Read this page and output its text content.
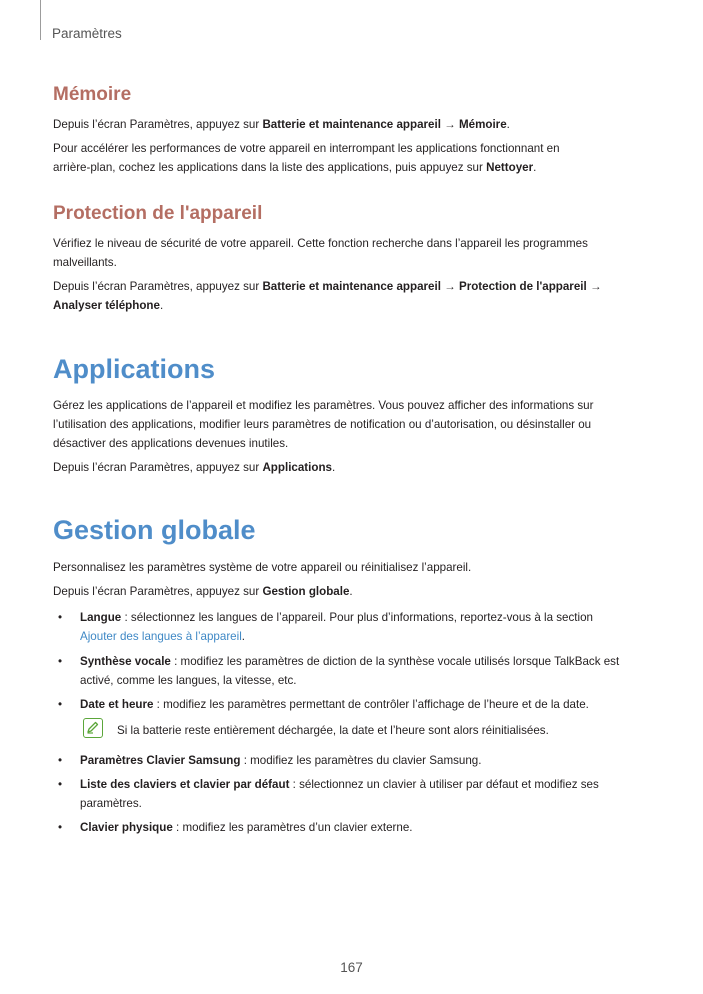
Paramètres
Mémoire
Depuis l’écran Paramètres, appuyez sur Batterie et maintenance appareil → Mémoire.
Pour accélérer les performances de votre appareil en interrompant les applications fonctionnant en
arrière-plan, cochez les applications dans la liste des applications, puis appuyez sur Nettoyer.
Protection de l'appareil
Vérifiez le niveau de sécurité de votre appareil. Cette fonction recherche dans l’appareil les programmes
malveillants.
Depuis l’écran Paramètres, appuyez sur Batterie et maintenance appareil → Protection de l'appareil →
Analyser téléphone.
Applications
Gérez les applications de l’appareil et modifiez les paramètres. Vous pouvez afficher des informations sur
l’utilisation des applications, modifier leurs paramètres de notification ou d’autorisation, ou désinstaller ou
désactiver des applications devenues inutiles.
Depuis l’écran Paramètres, appuyez sur Applications.
Gestion globale
Personnalisez les paramètres système de votre appareil ou réinitialisez l’appareil.
Depuis l’écran Paramètres, appuyez sur Gestion globale.
• Langue : sélectionnez les langues de l’appareil. Pour plus d’informations, reportez-vous à la section
Ajouter des langues à l’appareil.
• Synthèse vocale : modifiez les paramètres de diction de la synthèse vocale utilisés lorsque TalkBack est
activé, comme les langues, la vitesse, etc.
• Date et heure : modifiez les paramètres permettant de contrôler l’affichage de l’heure et de la date.
Si la batterie reste entièrement déchargée, la date et l’heure sont alors réinitialisées.
• Paramètres Clavier Samsung : modifiez les paramètres du clavier Samsung.
• Liste des claviers et clavier par défaut : sélectionnez un clavier à utiliser par défaut et modifiez ses
paramètres.
• Clavier physique : modifiez les paramètres d’un clavier externe.
167
